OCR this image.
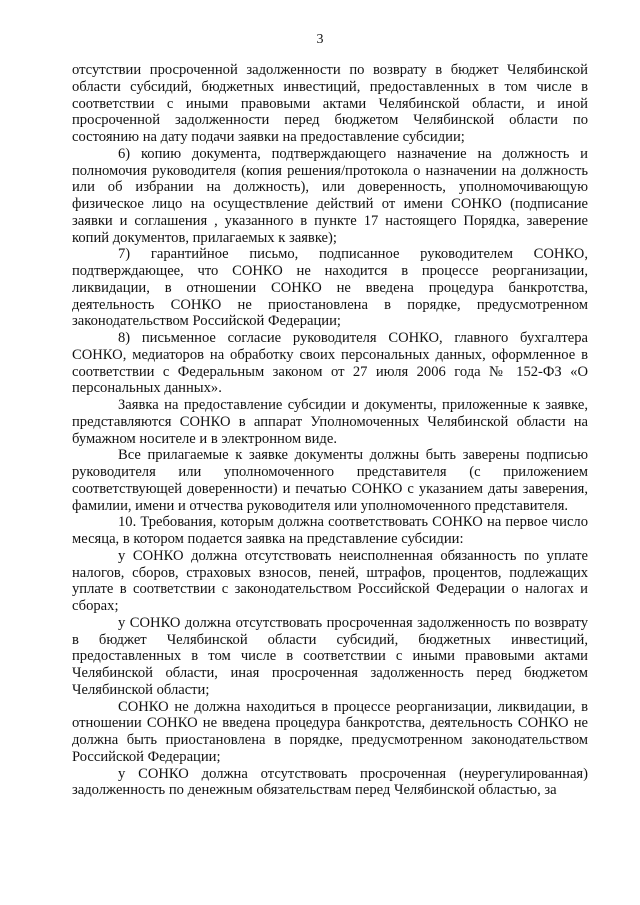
3

отсутствии просроченной задолженности по возврату в бюджет Челябинской области субсидий, бюджетных инвестиций, предоставленных в том числе в соответствии с иными правовыми актами Челябинской области, и иной просроченной задолженности перед бюджетом Челябинской области по состоянию на дату подачи заявки на предоставление субсидии;

6) копию документа, подтверждающего назначение на должность и полномочия руководителя (копия решения/протокола о назначении на должность или об избрании на должность), или доверенность, уполномочивающую физическое лицо на осуществление действий от имени СОНКО (подписание заявки и соглашения , указанного в пункте 17 настоящего Порядка, заверение копий документов, прилагаемых к заявке);

7) гарантийное письмо, подписанное руководителем СОНКО, подтверждающее, что СОНКО не находится в процессе реорганизации, ликвидации, в отношении СОНКО не введена процедура банкротства, деятельность СОНКО не приостановлена в порядке, предусмотренном законодательством Российской Федерации;

8) письменное согласие руководителя СОНКО, главного бухгалтера СОНКО, медиаторов на обработку своих персональных данных, оформленное в соответствии с Федеральным законом от 27 июля 2006 года № 152-ФЗ «О персональных данных».

Заявка на предоставление субсидии и документы, приложенные к заявке, представляются СОНКО в аппарат Уполномоченных Челябинской области на бумажном носителе и в электронном виде.

Все прилагаемые к заявке документы должны быть заверены подписью руководителя или уполномоченного представителя (с приложением соответствующей доверенности) и печатью СОНКО с указанием даты заверения, фамилии, имени и отчества руководителя или уполномоченного представителя.

10. Требования, которым должна соответствовать СОНКО на первое число месяца, в котором подается заявка на представление субсидии:

у СОНКО должна отсутствовать неисполненная обязанность по уплате налогов, сборов, страховых взносов, пеней, штрафов, процентов, подлежащих уплате в соответствии с законодательством Российской Федерации о налогах и сборах;

у СОНКО должна отсутствовать просроченная задолженность по возврату в бюджет Челябинской области субсидий, бюджетных инвестиций, предоставленных в том числе в соответствии с иными правовыми актами Челябинской области, иная просроченная задолженность перед бюджетом Челябинской области;

СОНКО не должна находиться в процессе реорганизации, ликвидации, в отношении СОНКО не введена процедура банкротства, деятельность СОНКО не должна быть приостановлена в порядке, предусмотренном законодательством Российской Федерации;

у СОНКО должна отсутствовать просроченная (неурегулированная) задолженность по денежным обязательствам перед Челябинской областью, за
